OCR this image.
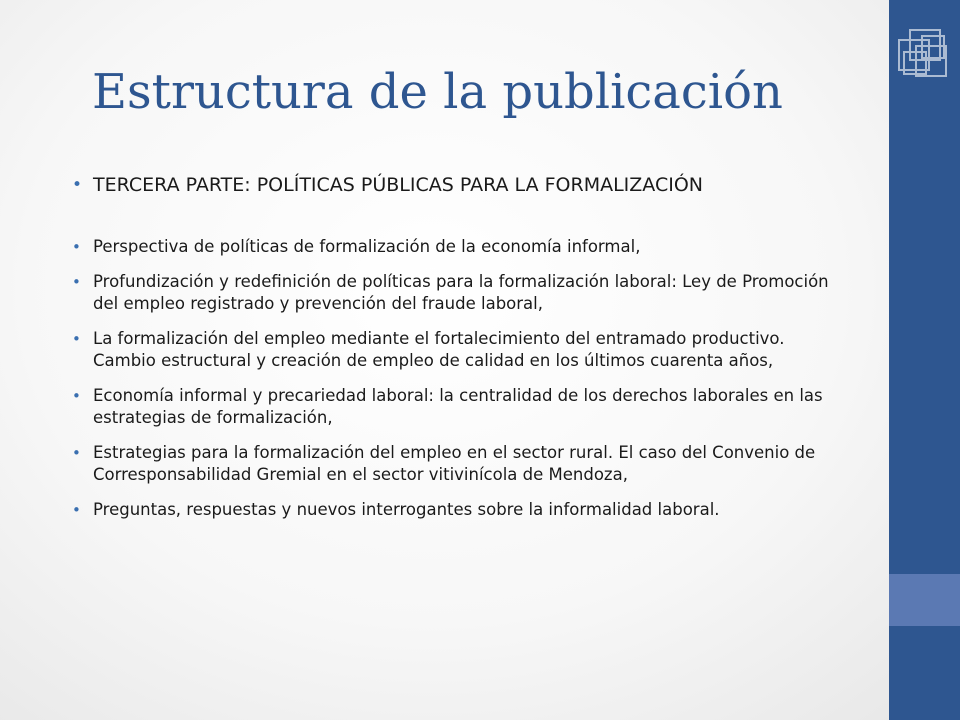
Estructura de la publicación
• TERCERA PARTE: POLÍTICAS PÚBLICAS PARA LA FORMALIZACIÓN
• Perspectiva de políticas de formalización de la economía informal,
• Profundización y redefinición de políticas para la formalización laboral: Ley de Promoción del empleo registrado y prevención del fraude laboral,
• La formalización del empleo mediante el fortalecimiento del entramado productivo. Cambio estructural y creación de empleo de calidad en los últimos cuarenta años,
• Economía informal y precariedad laboral: la centralidad de los derechos laborales en las estrategias de formalización,
• Estrategias para la formalización del empleo en el sector rural. El caso del Convenio de Corresponsabilidad Gremial en el sector vitivinícola de Mendoza,
• Preguntas, respuestas y nuevos interrogantes sobre la informalidad laboral.
